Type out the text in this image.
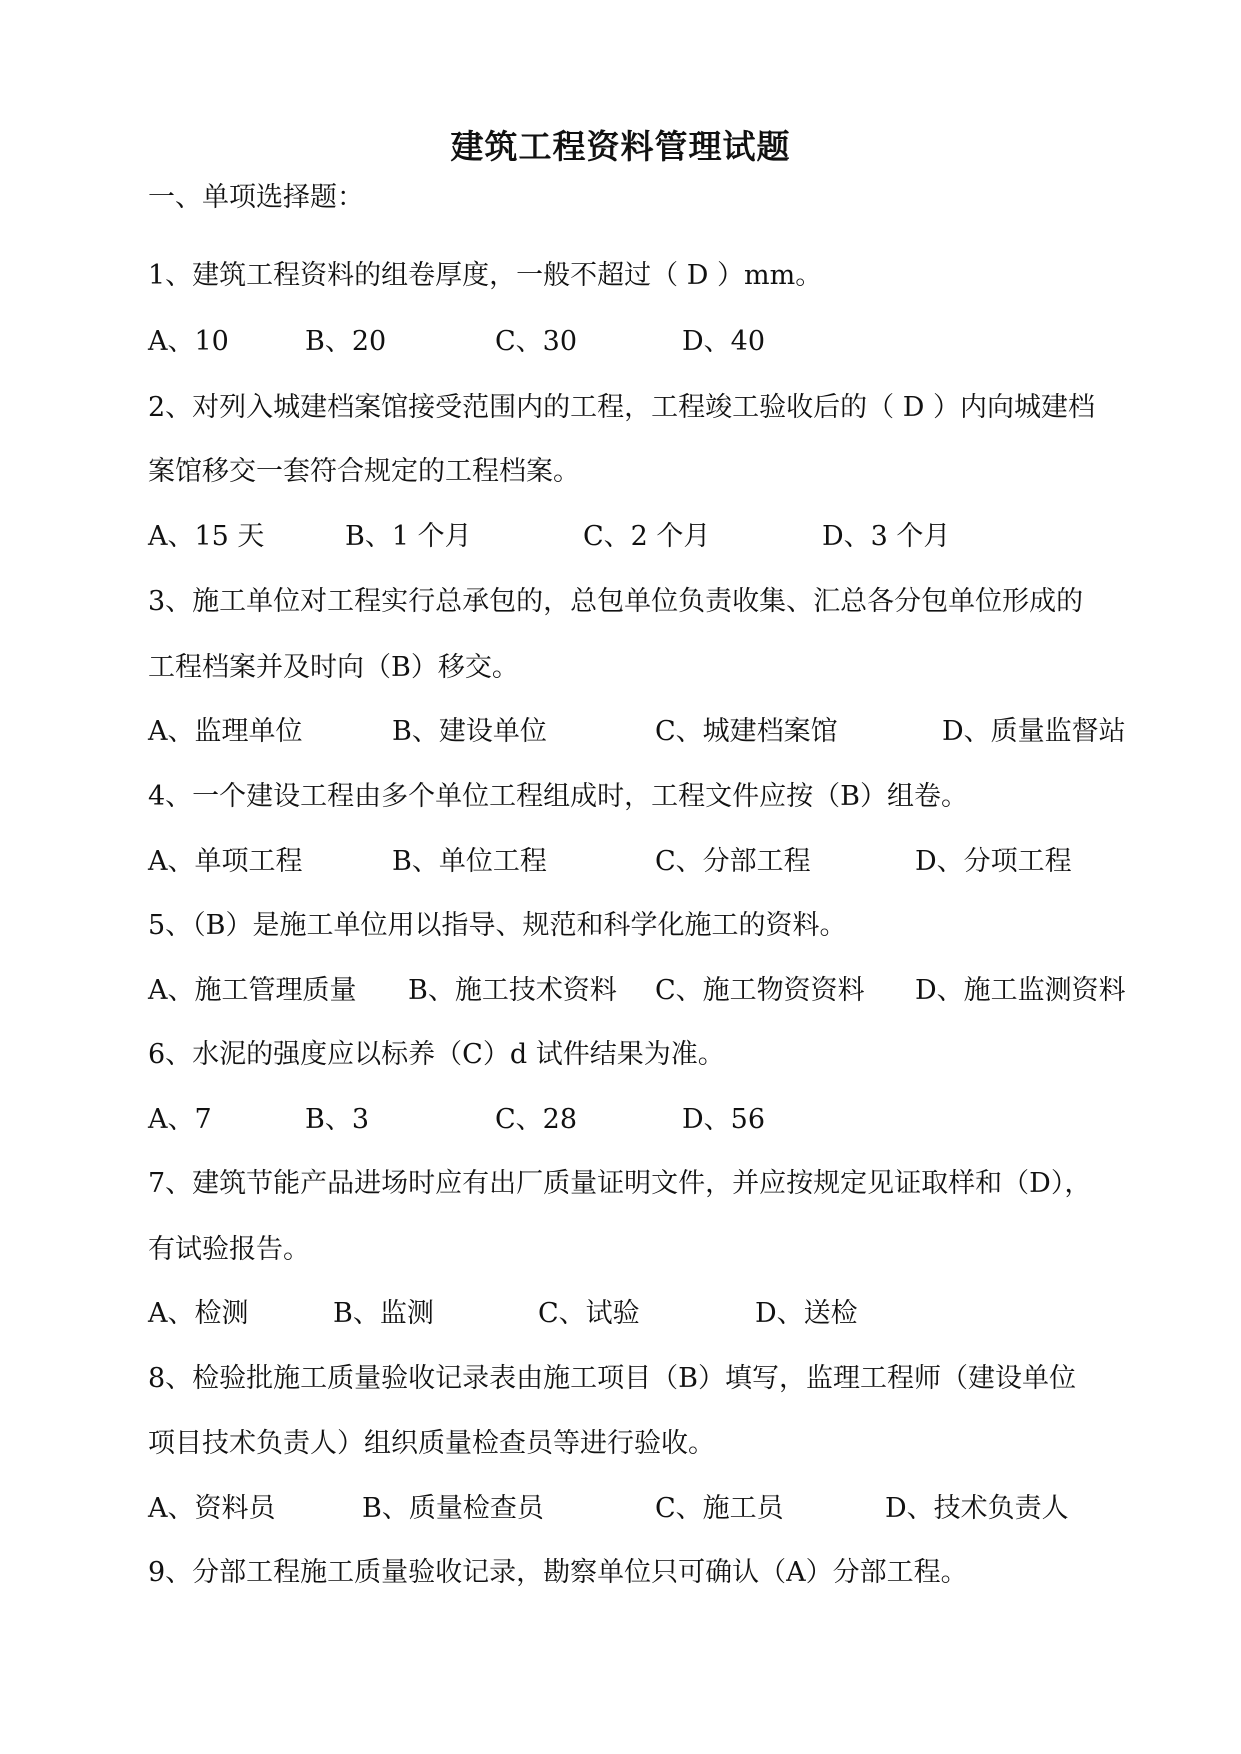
建筑工程资料管理试题
一、单项选择题：
1、建筑工程资料的组卷厚度，一般不超过（ D ）mm。
A、10	B、20	C、30	D、40
2、对列入城建档案馆接受范围内的工程，工程竣工验收后的（ D ）内向城建档
案馆移交一套符合规定的工程档案。
A、15 天	B、1 个月	C、2 个月	D、3 个月
3、施工单位对工程实行总承包的，总包单位负责收集、汇总各分包单位形成的
工程档案并及时向（B）移交。
A、监理单位	B、建设单位	C、城建档案馆	D、质量监督站
4、一个建设工程由多个单位工程组成时，工程文件应按（B）组卷。
A、单项工程	B、单位工程	C、分部工程	D、分项工程
5、（B）是施工单位用以指导、规范和科学化施工的资料。
A、施工管理质量 B、施工技术资料 C、施工物资资料 D、施工监测资料
6、水泥的强度应以标养（C）d 试件结果为准。
A、7	B、3	C、28	D、56
7、建筑节能产品进场时应有出厂质量证明文件，并应按规定见证取样和（D），
有试验报告。
A、检测	B、监测	C、试验	D、送检
8、检验批施工质量验收记录表由施工项目（B）填写，监理工程师（建设单位
项目技术负责人）组织质量检查员等进行验收。
A、资料员	B、质量检查员	C、施工员	D、技术负责人
9、分部工程施工质量验收记录，勘察单位只可确认（A）分部工程。
